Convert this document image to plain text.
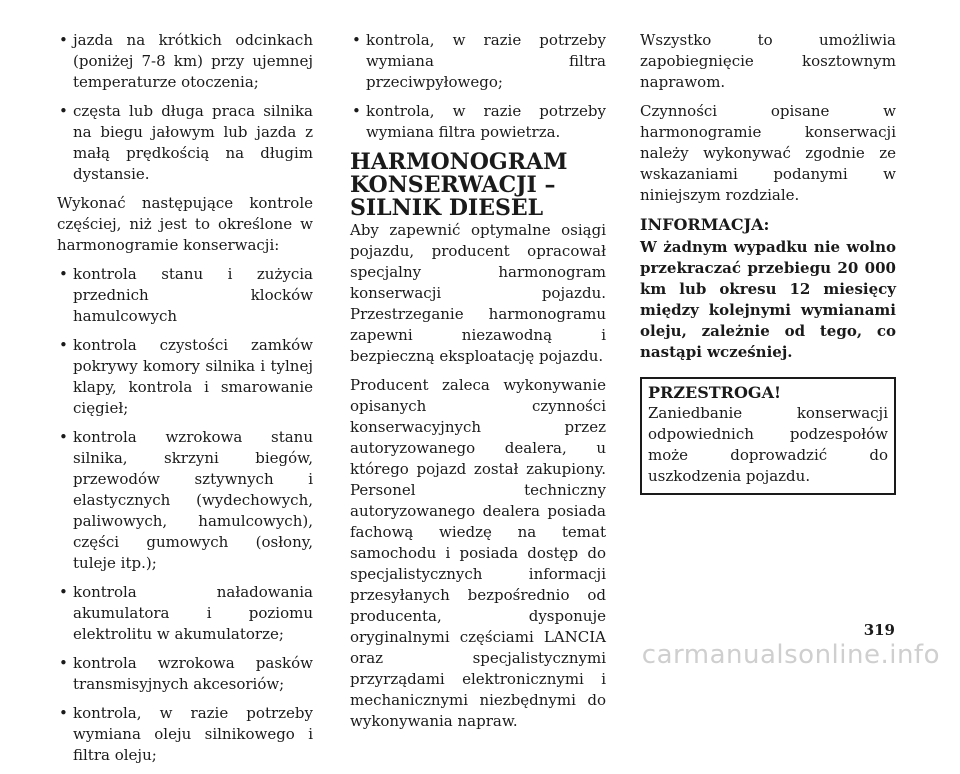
• jazda na krótkich odcinkach (poniżej 7-8 km) przy ujemnej temperaturze otoczenia;
• częsta lub długa praca silnika na biegu jałowym lub jazda z małą prędkością na długim dystansie.

Wykonać następujące kontrole częściej, niż jest to określone w harmonogramie konserwacji:

• kontrola stanu i zużycia przednich klocków hamulcowych
• kontrola czystości zamków pokrywy komory silnika i tylnej klapy, kontrola i smarowanie cięgieł;
• kontrola wzrokowa stanu silnika, skrzyni biegów, przewodów sztywnych i elastycznych (wydechowych, paliwowych, hamulcowych), części gumowych (osłony, tuleje itp.);
• kontrola naładowania akumulatora i poziomu elektrolitu w akumulatorze;
• kontrola wzrokowa pasków transmisyjnych akcesoriów;
• kontrola, w razie potrzeby wymiana oleju silnikowego i filtra oleju;
• kontrola, w razie potrzeby wymiana filtra przeciwpyłowego;
• kontrola, w razie potrzeby wymiana filtra powietrza.
HARMONOGRAM KONSERWACJI – SILNIK DIESEL

Aby zapewnić optymalne osiągi pojazdu, producent opracował specjalny harmonogram konserwacji pojazdu. Przestrzeganie harmonogramu zapewni niezawodną i bezpieczną eksploatację pojazdu.

Producent zaleca wykonywanie opisanych czynności konserwacyjnych przez autoryzowanego dealera, u którego pojazd został zakupiony. Personel techniczny autoryzowanego dealera posiada fachową wiedzę na temat samochodu i posiada dostęp do specjalistycznych informacji przesyłanych bezpośrednio od producenta, dysponuje oryginalnymi częściami LANCIA oraz specjalistycznymi przyrządami elektronicznymi i mechanicznymi niezbędnymi do wykonywania napraw.

Wszystko to umożliwia zapobiegnięcie kosztownym naprawom.

Czynności opisane w harmonogramie konserwacji należy wykonywać zgodnie ze wskazaniami podanymi w niniejszym rozdziale.

INFORMACJA:

W żadnym wypadku nie wolno przekraczać przebiegu 20 000 km lub okresu 12 miesięcy między kolejnymi wymianami oleju, zależnie od tego, co nastąpi wcześniej.

PRZESTROGA!
Zaniedbanie konserwacji odpowiednich podzespołów może doprowadzić do uszkodzenia pojazdu.
319
carmanualsonline.info
